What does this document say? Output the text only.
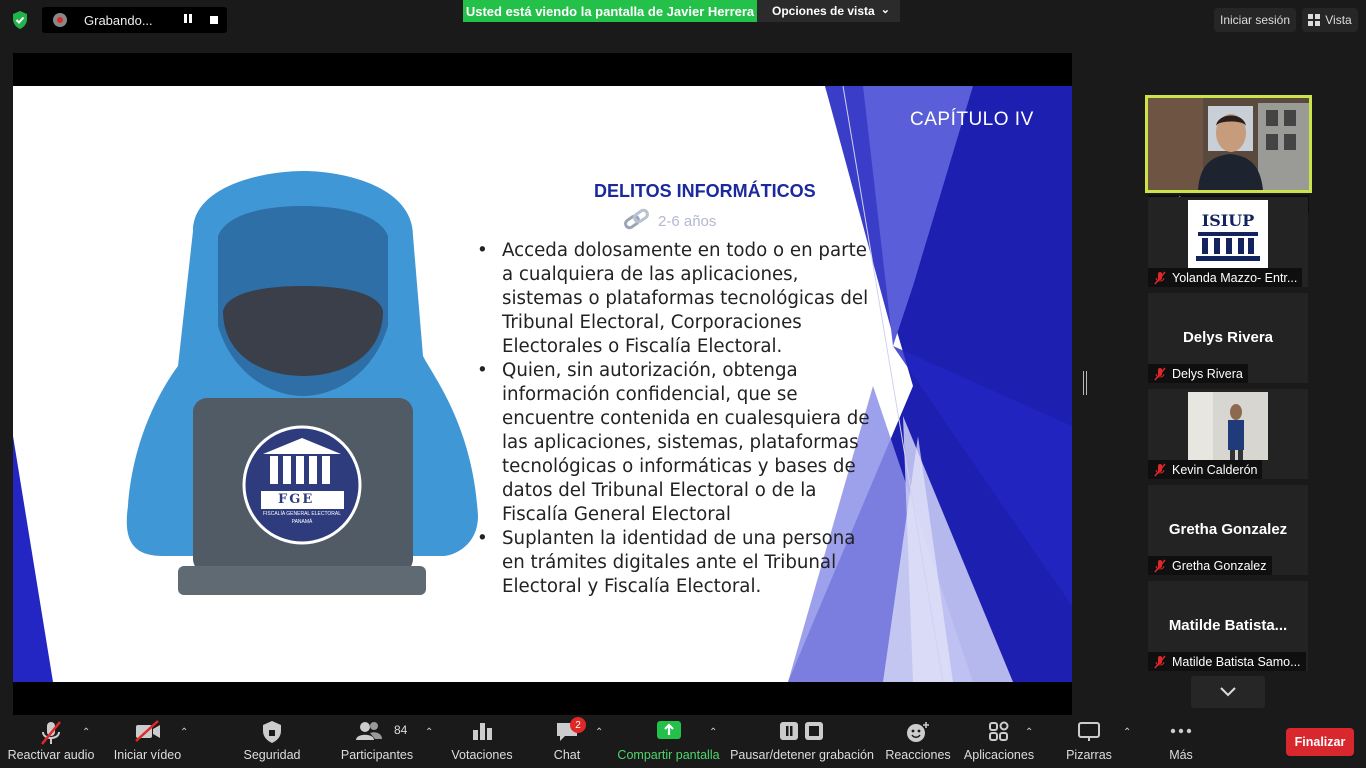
Grabando...
Usted está viendo la pantalla de Javier Herrera Opciones de vista ⌄
Iniciar sesión	Vista
FGE
FISCALÍA GENERAL ELECTORAL
PANAMÁ
CAPÍTULO IV
DELITOS INFORMÁTICOS
2-6 años
• Acceda dolosamente en todo o en parte a cualquiera de las aplicaciones, sistemas o plataformas tecnológicas del Tribunal Electoral, Corporaciones Electorales o Fiscalía Electoral.
• Quien, sin autorización, obtenga información confidencial, que se encuentre contenida en cualesquiera de las aplicaciones, sistemas, plataformas tecnológicas o informáticas y bases de datos del Tribunal Electoral o de la Fiscalía General Electoral
• Suplanten la identidad de una persona en trámites digitales ante el Tribunal Electoral y Fiscalía Electoral.
ISIUP
Yolanda Mazzo- Entr...
Delys Rivera
Delys Rivera
Kevin Calderón
Gretha Gonzalez
Gretha Gonzalez
Matilde Batista...
Matilde Batista Samo...
Reactivar audio
⌃
Iniciar vídeo
⌃
Seguridad	Participantes
84 ⌃
Votaciones	Chat
2
⌃
Compartir pantalla
⌃
Pausar/detener grabación Reacciones Aplicaciones
⌃
Pizarras
⌃
Más
Finalizar
